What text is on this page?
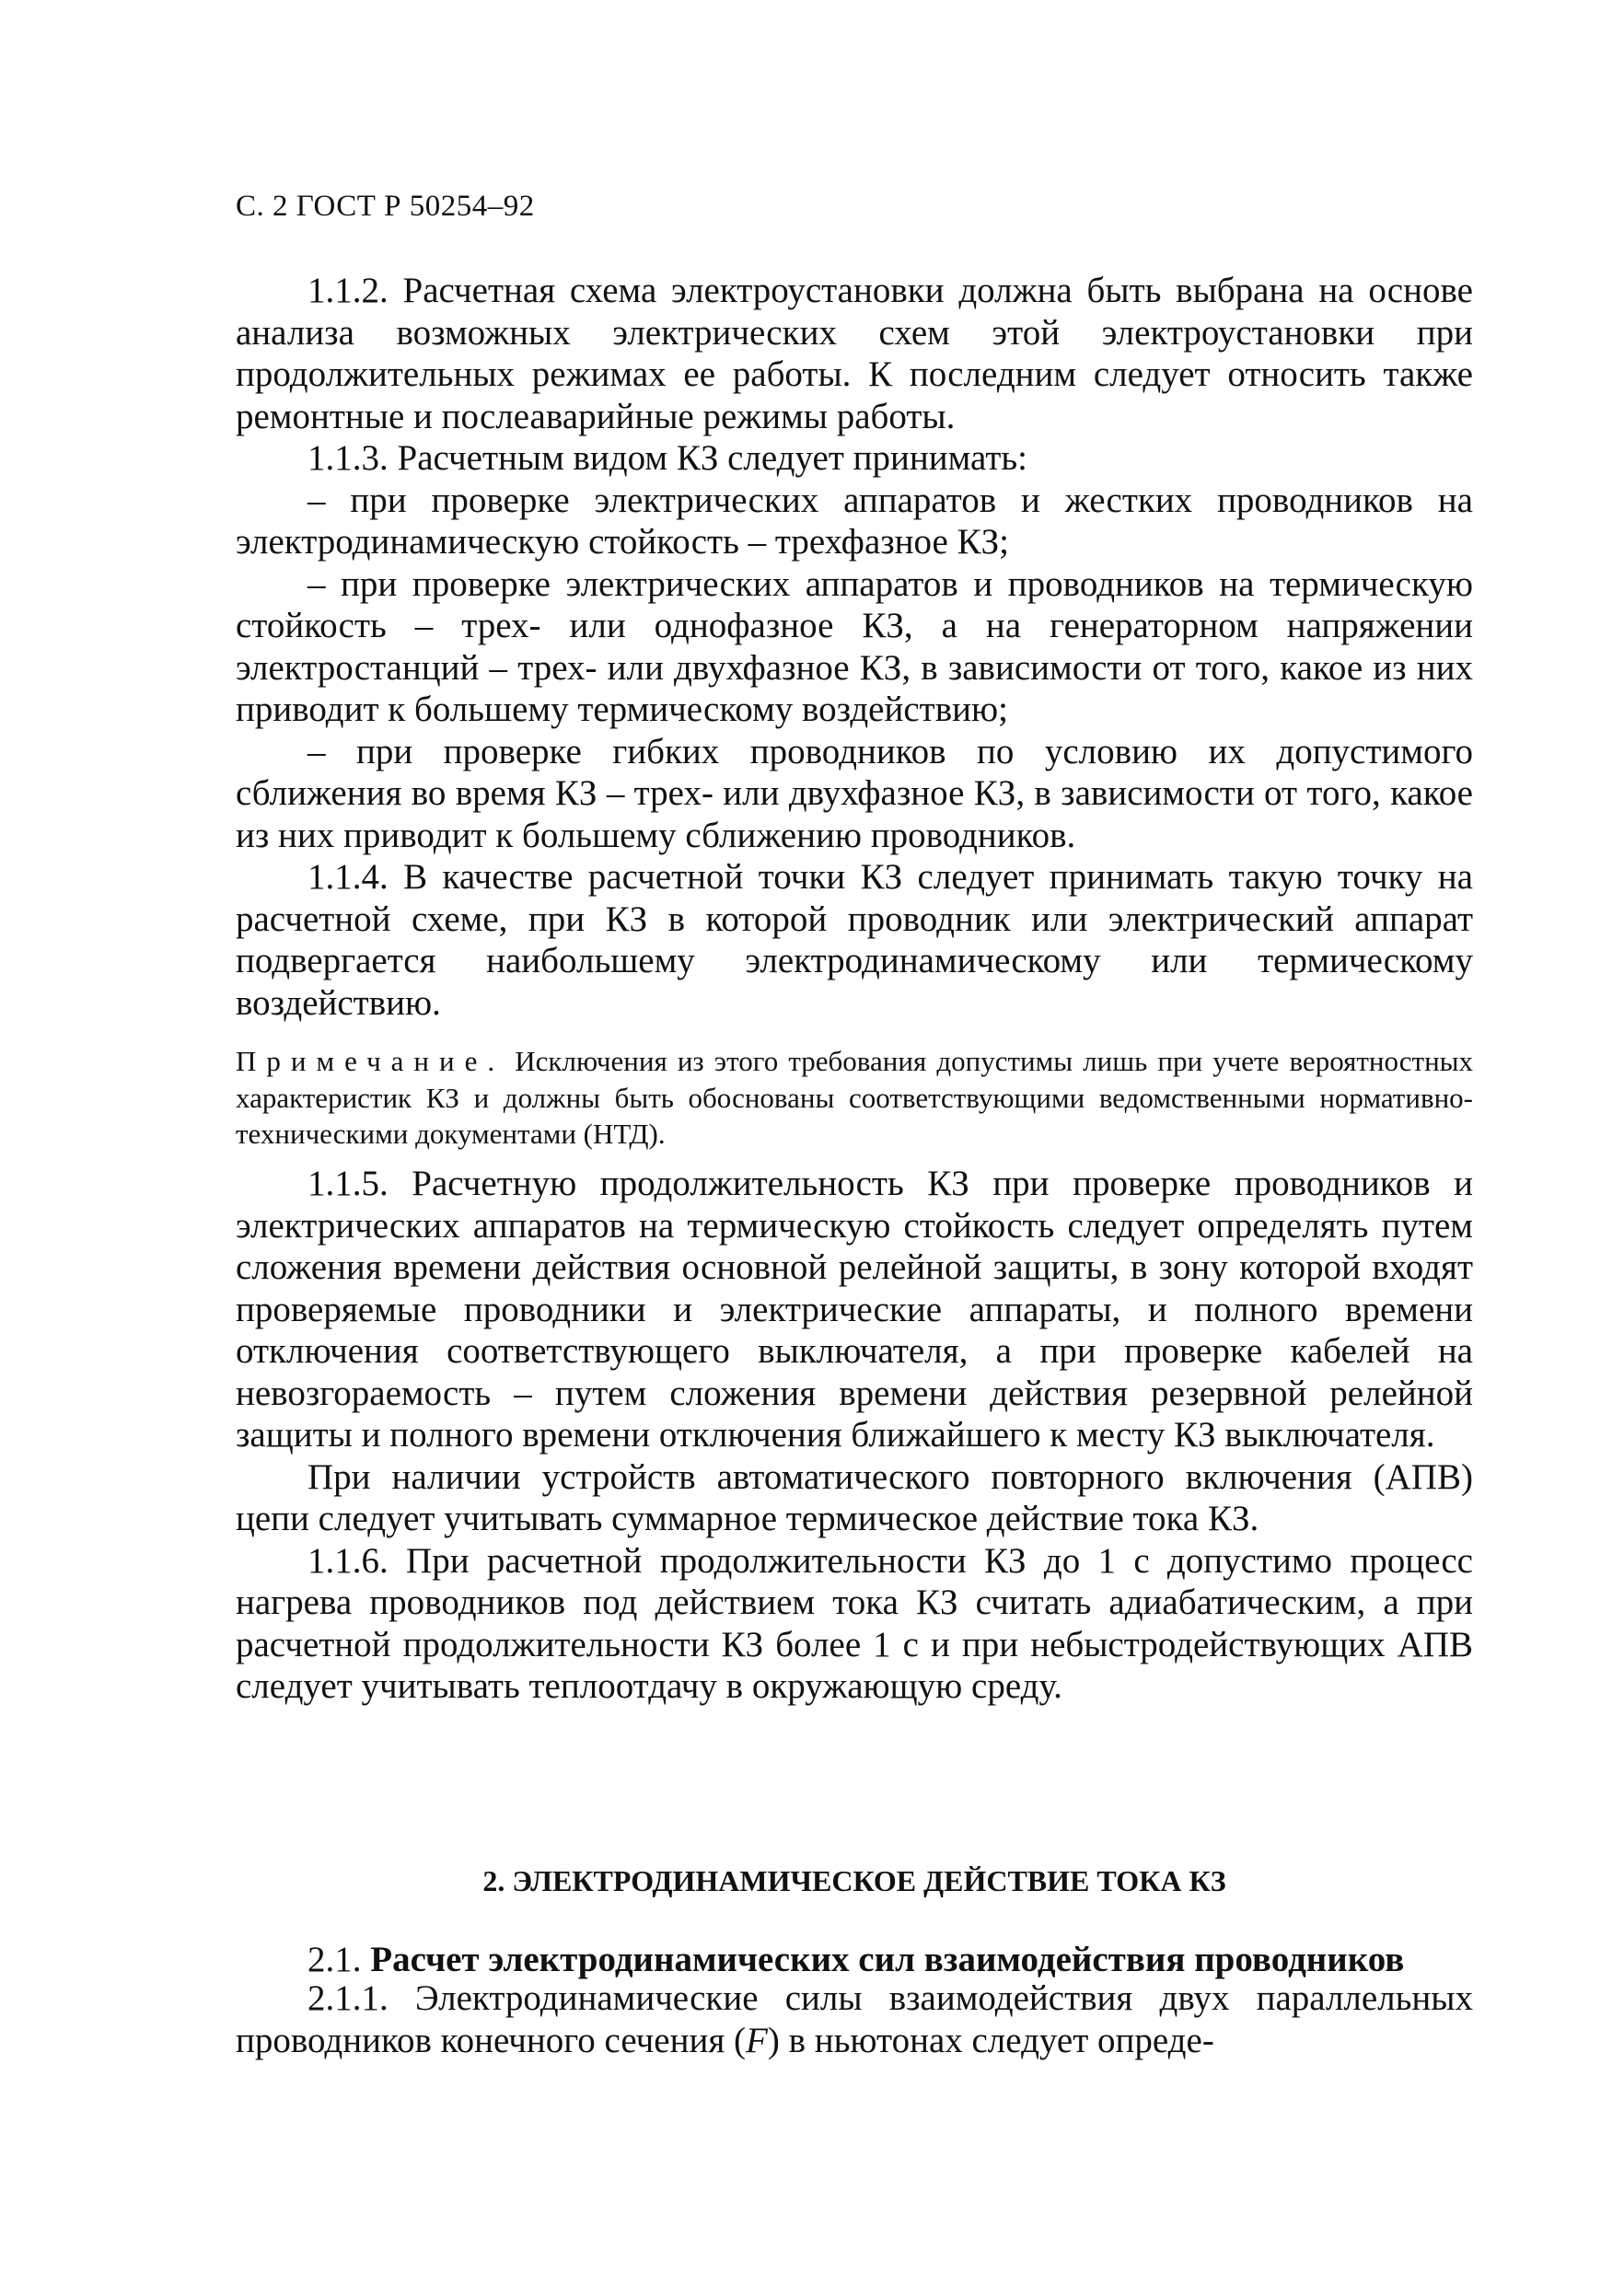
С. 2 ГОСТ Р 50254–92

1.1.2. Расчетная схема электроустановки должна быть выбрана на основе анализа возможных электрических схем этой электроустановки при продолжительных режимах ее работы. К последним следует относить также ремонтные и послеаварийные режимы работы.

1.1.3. Расчетным видом КЗ следует принимать:

– при проверке электрических аппаратов и жестких проводников на электродинамическую стойкость – трехфазное КЗ;

– при проверке электрических аппаратов и проводников на термическую стойкость – трех- или однофазное КЗ, а на генераторном напряжении электростанций – трех- или двухфазное КЗ, в зависимости от того, какое из них приводит к большему термическому воздействию;

– при проверке гибких проводников по условию их допустимого сближения во время КЗ – трех- или двухфазное КЗ, в зависимости от того, какое из них приводит к большему сближению проводников.

1.1.4. В качестве расчетной точки КЗ следует принимать такую точку на расчетной схеме, при КЗ в которой проводник или электрический аппарат подвергается наибольшему электродинамическому или термическому воздействию.

Примечание. Исключения из этого требования допустимы лишь при учете вероятностных характеристик КЗ и должны быть обоснованы соответствующими ведомственными нормативно-техническими документами (НТД).

1.1.5. Расчетную продолжительность КЗ при проверке проводников и электрических аппаратов на термическую стойкость следует определять путем сложения времени действия основной релейной защиты, в зону которой входят проверяемые проводники и электрические аппараты, и полного времени отключения соответствующего выключателя, а при проверке кабелей на невозгораемость – путем сложения времени действия резервной релейной защиты и полного времени отключения ближайшего к месту КЗ выключателя.

При наличии устройств автоматического повторного включения (АПВ) цепи следует учитывать суммарное термическое действие тока КЗ.

1.1.6. При расчетной продолжительности КЗ до 1 с допустимо процесс нагрева проводников под действием тока КЗ считать адиабатическим, а при расчетной продолжительности КЗ более 1 с и при небыстродействующих АПВ следует учитывать теплоотдачу в окружающую среду.

2. ЭЛЕКТРОДИНАМИЧЕСКОЕ ДЕЙСТВИЕ ТОКА КЗ

2.1. Расчет электродинамических сил взаимодействия проводников

2.1.1. Электродинамические силы взаимодействия двух параллельных проводников конечного сечения (F) в ньютонах следует опреде-
